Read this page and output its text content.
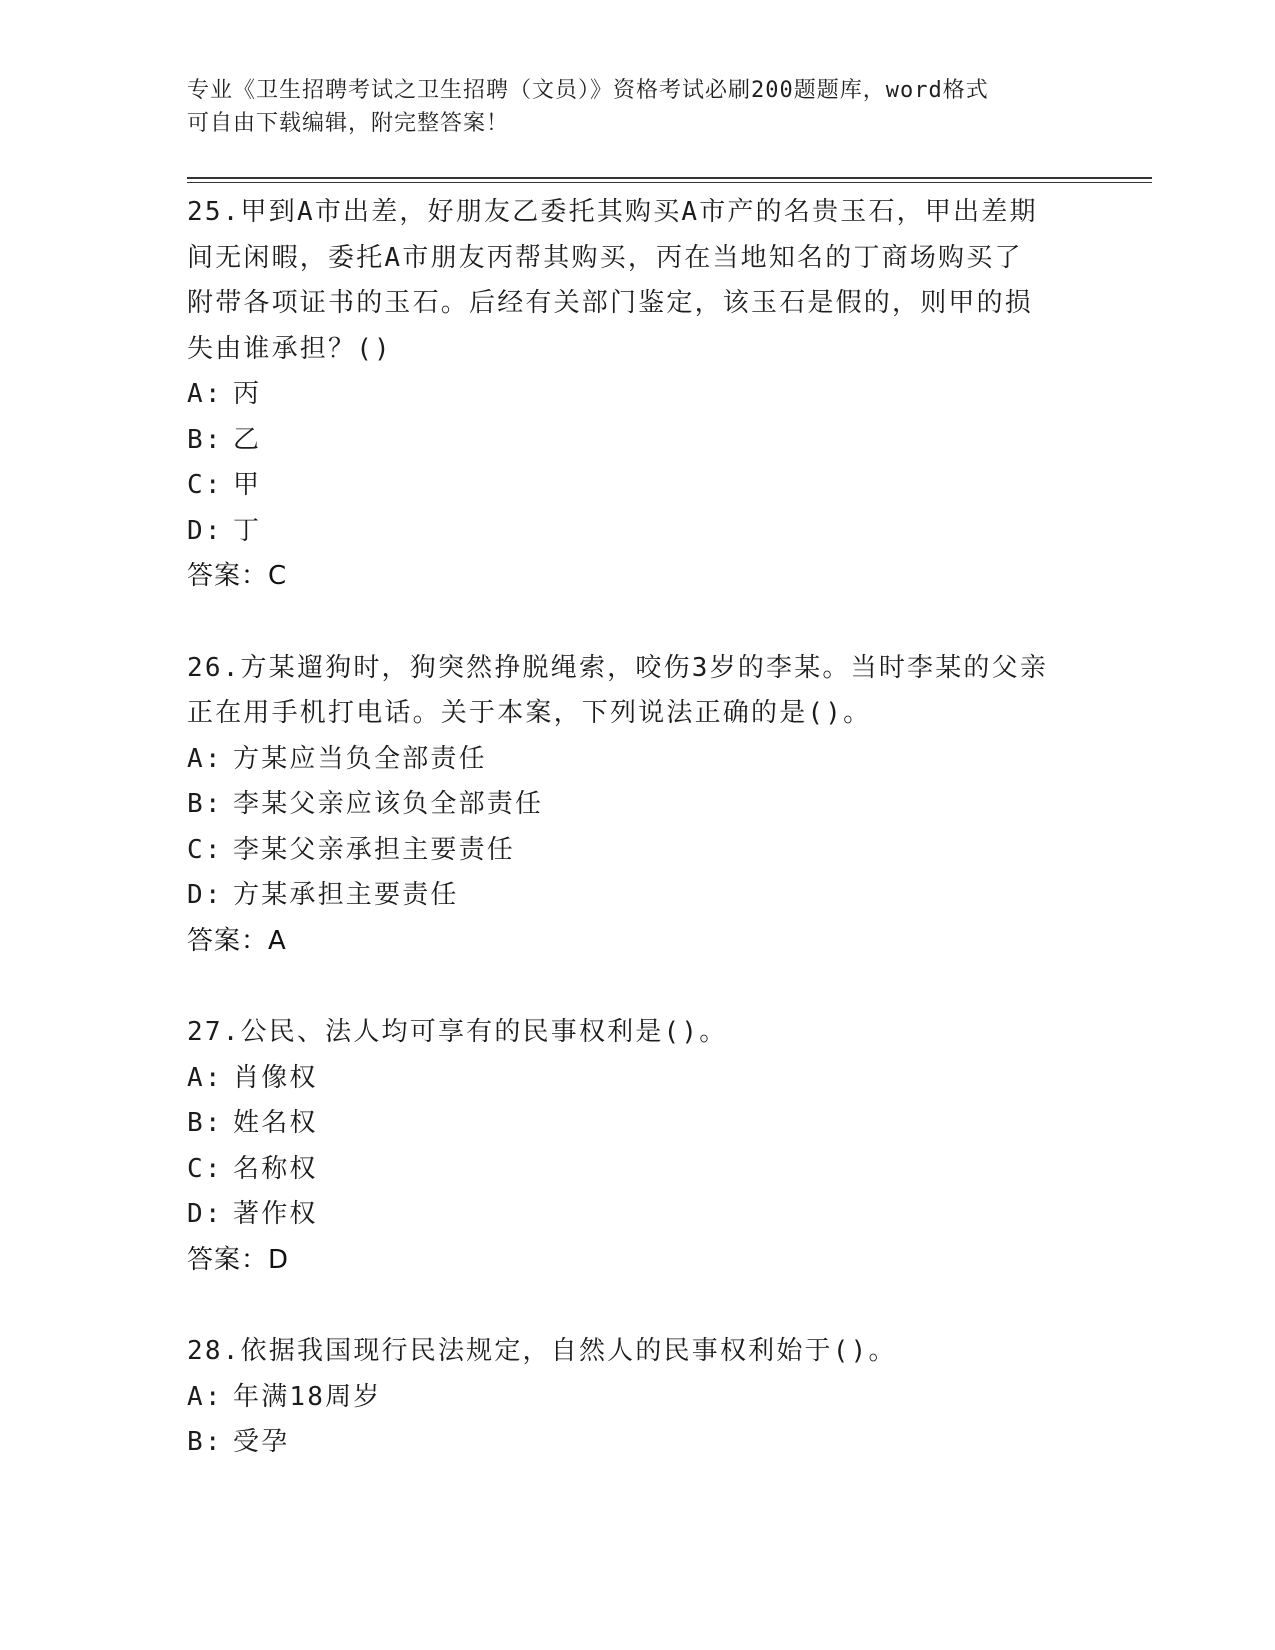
专业《卫生招聘考试之卫生招聘（文员）》资格考试必刷200题题库，word格式
可自由下载编辑，附完整答案！

25.甲到A市出差，好朋友乙委托其购买A市产的名贵玉石，甲出差期

间无闲暇，委托A市朋友丙帮其购买，丙在当地知名的丁商场购买了

附带各项证书的玉石。后经有关部门鉴定，该玉石是假的，则甲的损

失由谁承担？()

A: 丙

B: 乙

C: 甲

D: 丁

答案：C

26.方某遛狗时，狗突然挣脱绳索，咬伤3岁的李某。当时李某的父亲

正在用手机打电话。关于本案，下列说法正确的是()。

A: 方某应当负全部责任

B: 李某父亲应该负全部责任

C: 李某父亲承担主要责任

D: 方某承担主要责任

答案：A

27.公民、法人均可享有的民事权利是()。

A: 肖像权

B: 姓名权

C: 名称权

D: 著作权

答案：D

28.依据我国现行民法规定，自然人的民事权利始于()。

A: 年满18周岁

B: 受孕
